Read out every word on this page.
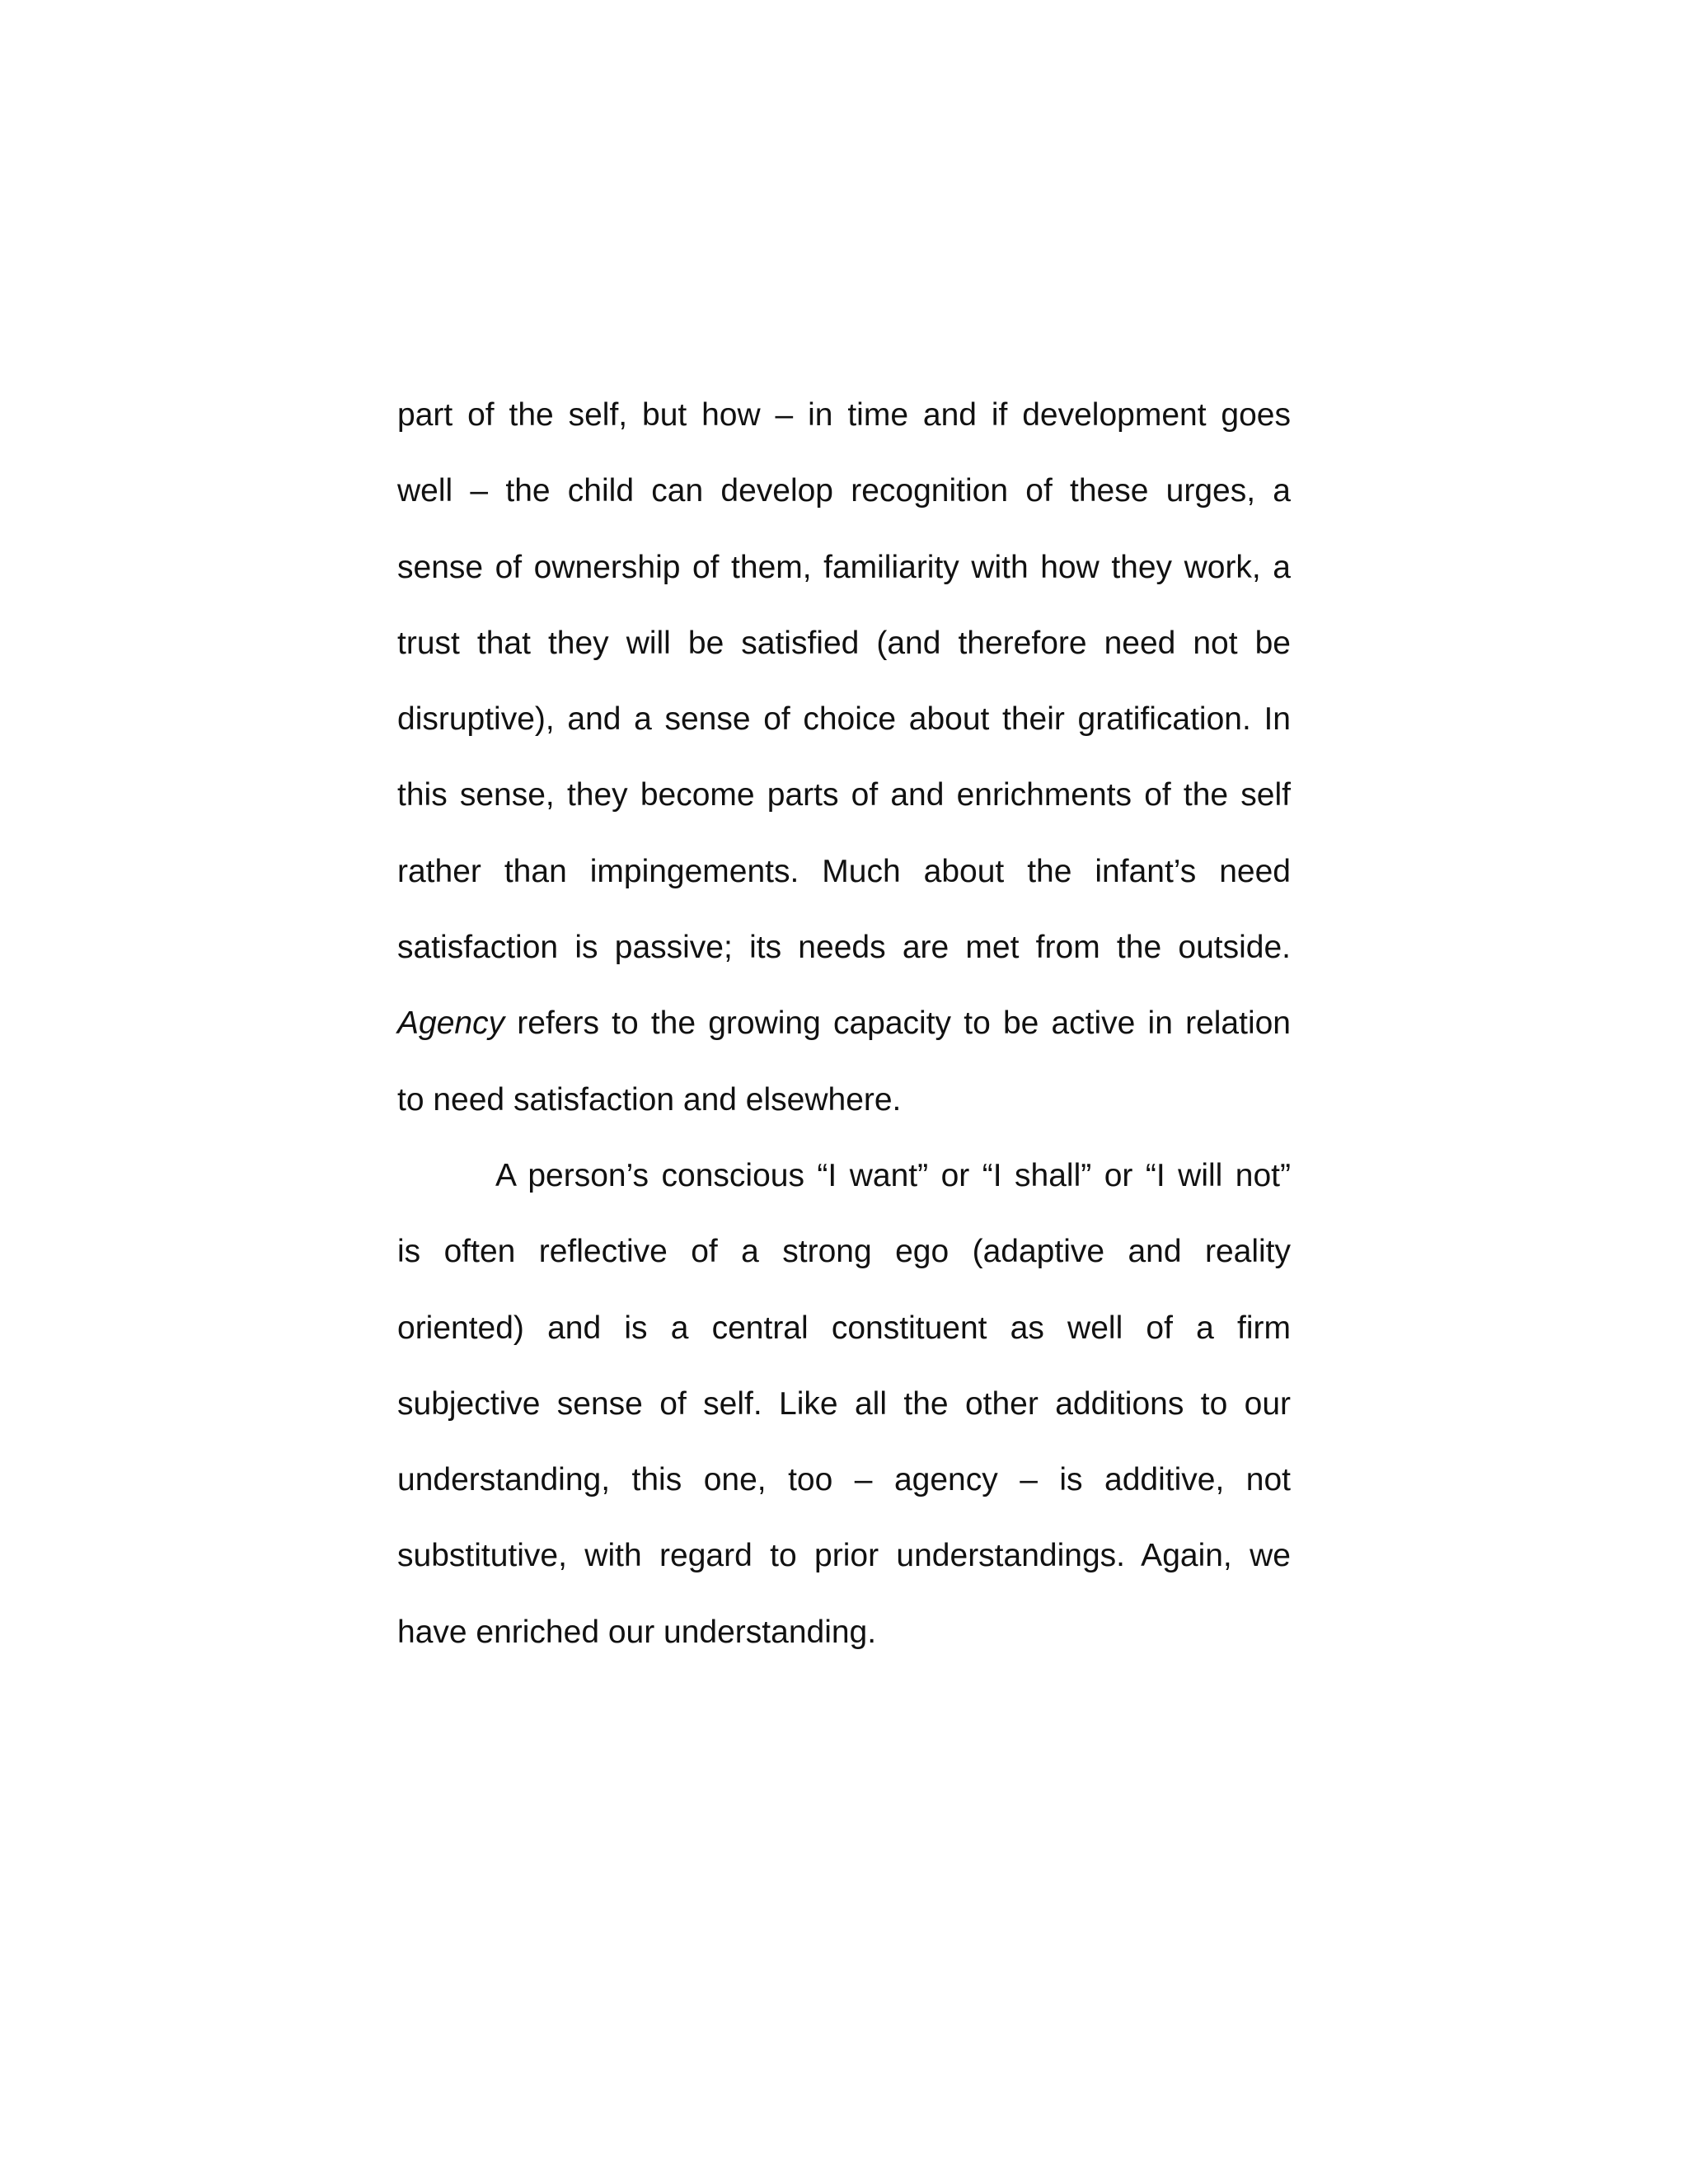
part of the self, but how – in time and if development goes
well – the child can develop recognition of these urges, a
sense of ownership of them, familiarity with how they work, a
trust that they will be satisfied (and therefore need not be
disruptive), and a sense of choice about their gratification. In
this sense, they become parts of and enrichments of the self
rather than impingements. Much about the infant’s need
satisfaction is passive; its needs are met from the outside.
Agency refers to the growing capacity to be active in relation
to need satisfaction and elsewhere.
A person’s conscious “I want” or “I shall” or “I will not”
is often reflective of a strong ego (adaptive and reality
oriented) and is a central constituent as well of a firm
subjective sense of self. Like all the other additions to our
understanding, this one, too – agency – is additive, not
substitutive, with regard to prior understandings. Again, we
have enriched our understanding.
